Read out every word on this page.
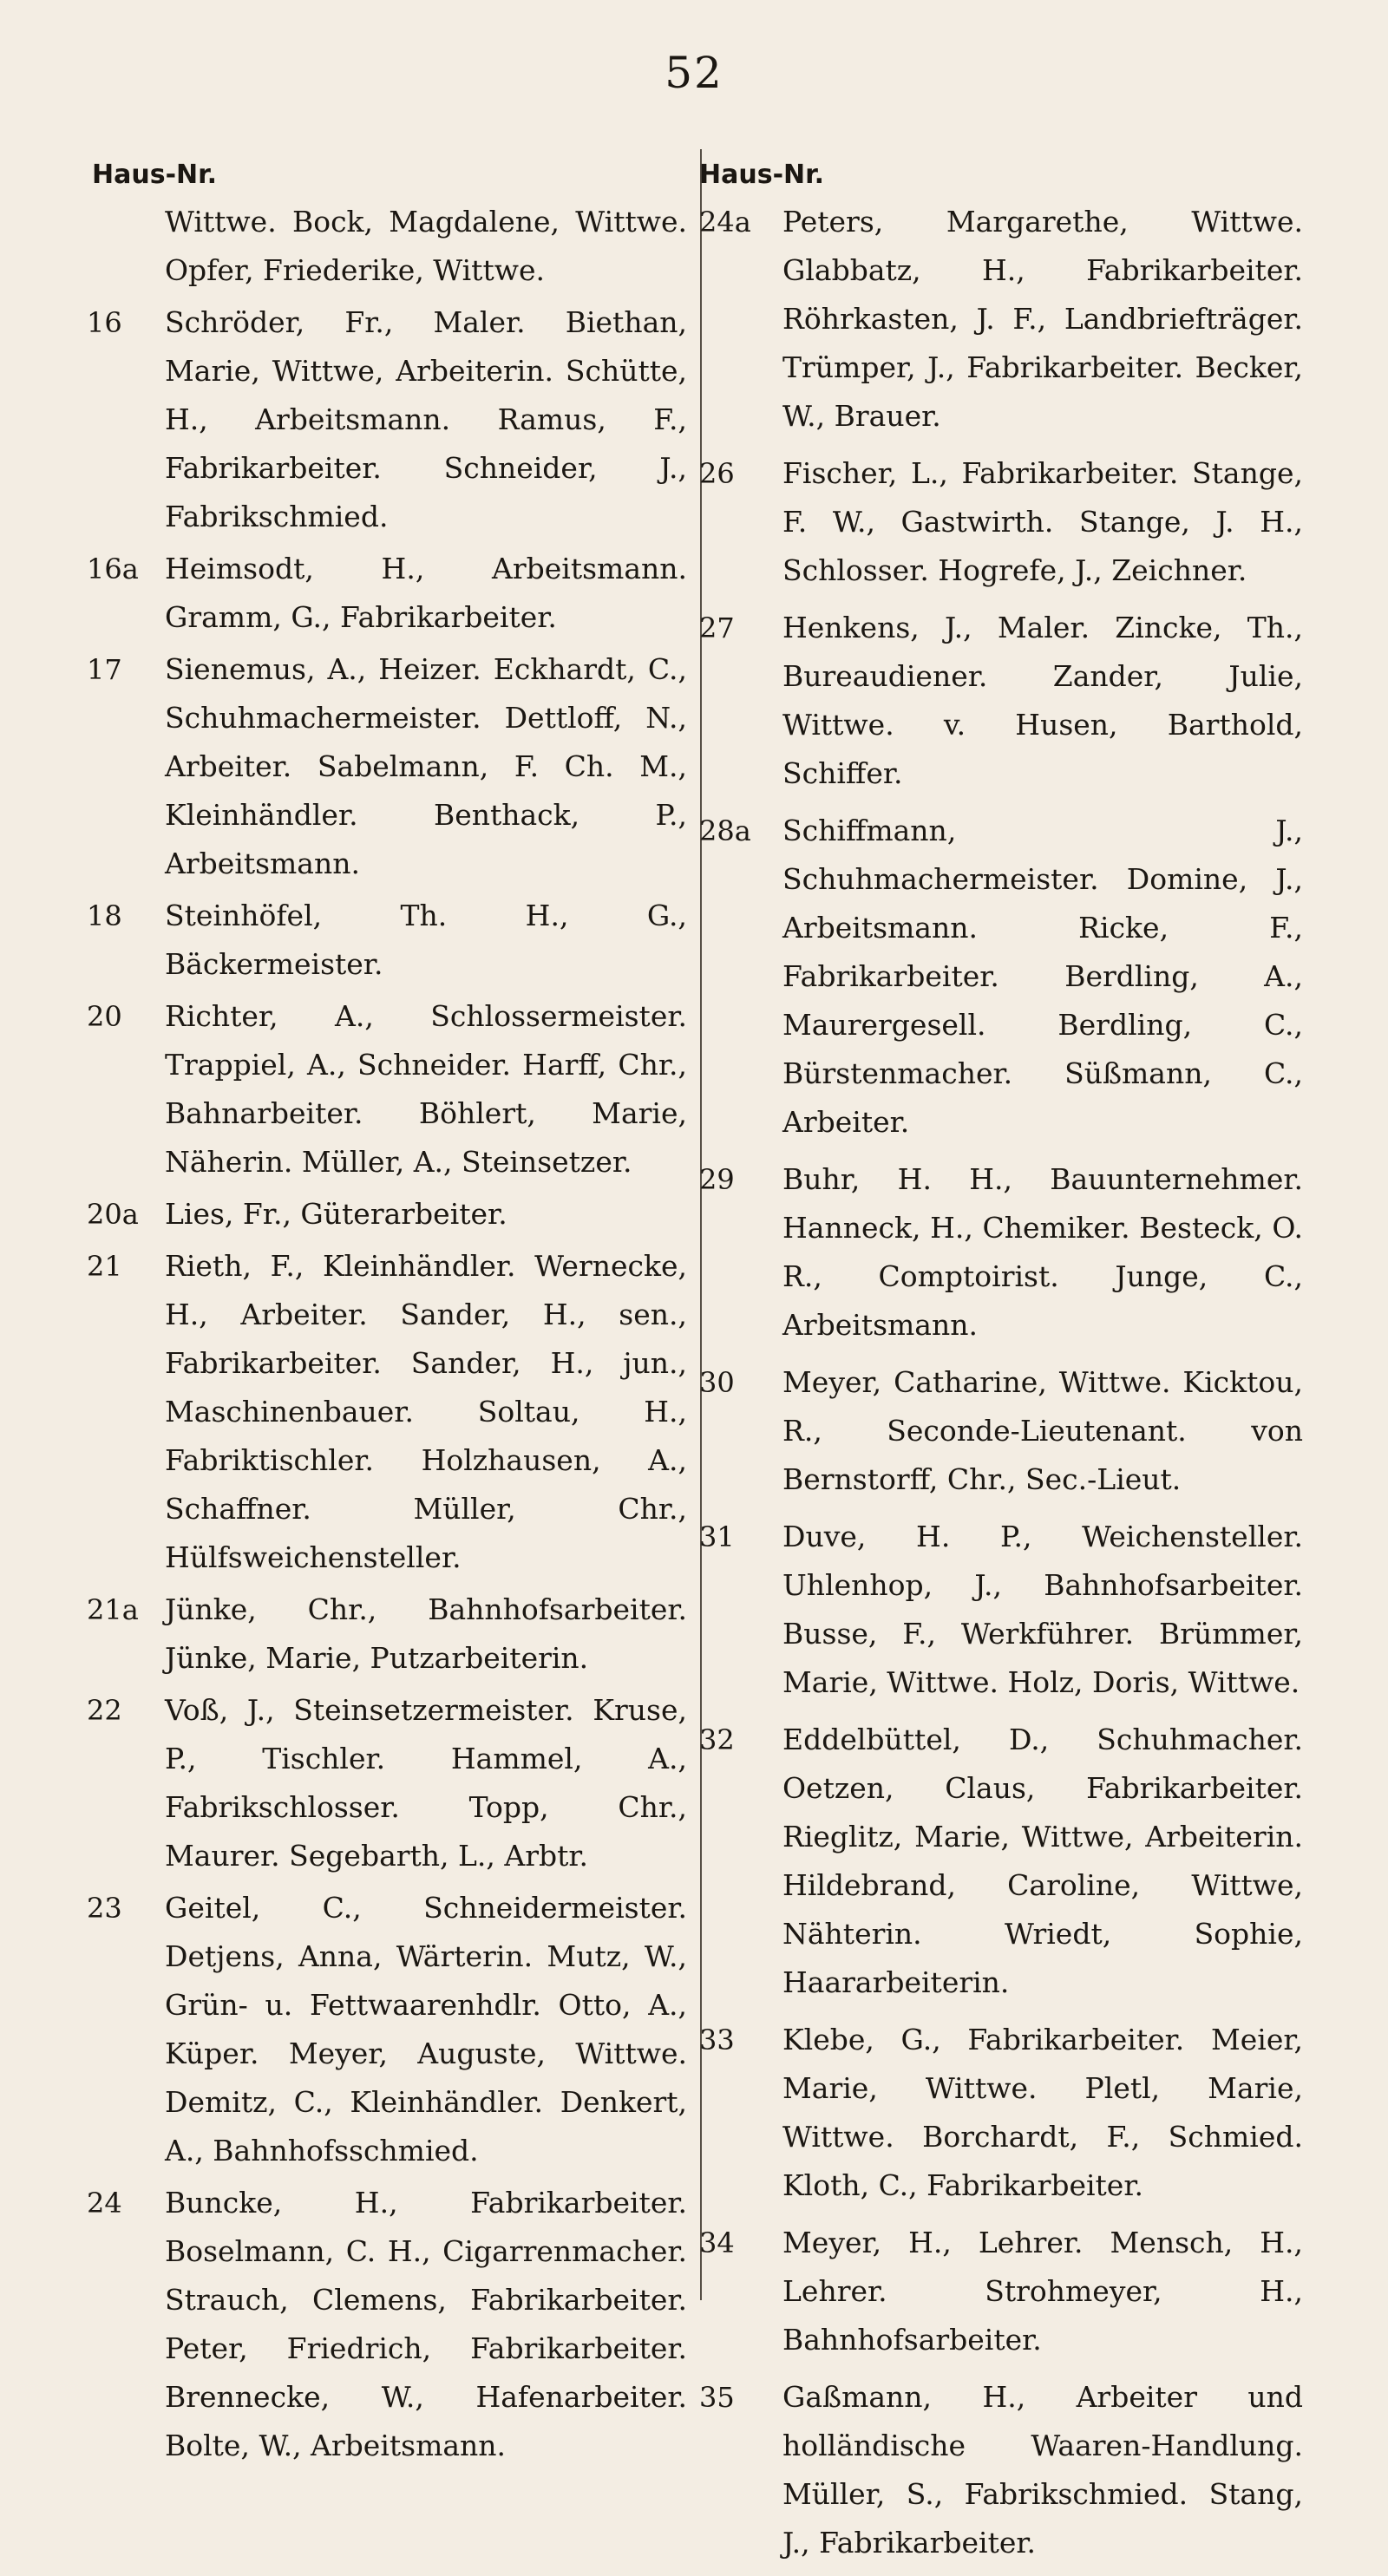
52
Haus-Nr.
Wittwe. Bock, Magdalene, Wittwe. Opfer, Friederike, Wittwe.
16	Schröder, Fr., Maler. Biethan, Marie, Wittwe, Arbeiterin. Schütte, H., Arbeitsmann. Ramus, F., Fabrikarbeiter. Schneider, J., Fabrikschmied.
16a Heimsodt, H., Arbeitsmann. Gramm, G., Fabrikarbeiter.
17	Sienemus, A., Heizer. Eckhardt, C., Schuhmachermeister. Dettloff, N., Arbeiter. Sabelmann, F. Ch. M., Kleinhändler. Benthack, P., Arbeitsmann.
18	Steinhöfel, Th. H., G., Bäckermeister.
20	Richter, A., Schlossermeister. Trappiel, A., Schneider. Harff, Chr., Bahnarbeiter. Böhlert, Marie, Näherin. Müller, A., Steinsetzer.
20a Lies, Fr., Güterarbeiter.
21	Rieth, F., Kleinhändler. Wernecke, H., Arbeiter. Sander, H., sen., Fabrikarbeiter. Sander, H., jun., Maschinenbauer. Soltau, H., Fabriktischler. Holzhausen, A., Schaffner. Müller, Chr., Hülfsweichensteller.
21a Jünke, Chr., Bahnhofsarbeiter. Jünke, Marie, Putzarbeiterin.
22	Voß, J., Steinsetzermeister. Kruse, P., Tischler. Hammel, A., Fabrikschlosser. Topp, Chr., Maurer. Segebarth, L., Arbtr.
23	Geitel, C., Schneidermeister. Detjens, Anna, Wärterin. Mutz, W., Grün- u. Fettwaarenhdlr. Otto, A., Küper. Meyer, Auguste, Wittwe. Demitz, C., Kleinhändler. Denkert, A., Bahnhofsschmied.
24	Buncke, H., Fabrikarbeiter. Boselmann, C. H., Cigarrenmacher. Strauch, Clemens, Fabrikarbeiter. Peter, Friedrich, Fabrikarbeiter. Brennecke, W., Hafenarbeiter. Bolte, W., Arbeitsmann.
Haus-Nr.
24a	Peters, Margarethe, Wittwe. Glabbatz, H., Fabrikarbeiter. Röhrkasten, J. F., Landbriefträger. Trümper, J., Fabrikarbeiter. Becker, W., Brauer.
26	Fischer, L., Fabrikarbeiter. Stange, F. W., Gastwirth. Stange, J. H., Schlosser. Hogrefe, J., Zeichner.
27	Henkens, J., Maler. Zincke, Th., Bureaudiener. Zander, Julie, Wittwe. v. Husen, Barthold, Schiffer.
28a	Schiffmann, J., Schuhmachermeister. Domine, J., Arbeitsmann. Ricke, F., Fabrikarbeiter. Berdling, A., Maurergesell. Berdling, C., Bürstenmacher. Süßmann, C., Arbeiter.
29	Buhr, H. H., Bauunternehmer. Hanneck, H., Chemiker. Besteck, O. R., Comptoirist. Junge, C., Arbeitsmann.
30	Meyer, Catharine, Wittwe. Kicktou, R., Seconde-Lieutenant. von Bernstorff, Chr., Sec.-Lieut.
31	Duve, H. P., Weichensteller. Uhlenhop, J., Bahnhofsarbeiter. Busse, F., Werkführer. Brümmer, Marie, Wittwe. Holz, Doris, Wittwe.
32	Eddelbüttel, D., Schuhmacher. Oetzen, Claus, Fabrikarbeiter. Rieglitz, Marie, Wittwe, Arbeiterin. Hildebrand, Caroline, Wittwe, Nähterin. Wriedt, Sophie, Haararbeiterin.
33	Klebe, G., Fabrikarbeiter. Meier, Marie, Wittwe. Pletl, Marie, Wittwe. Borchardt, F., Schmied. Kloth, C., Fabrikarbeiter.
34	Meyer, H., Lehrer. Mensch, H., Lehrer. Strohmeyer, H., Bahnhofsarbeiter.
35	Gaßmann, H., Arbeiter und holländische Waaren-Handlung. Müller, S., Fabrikschmied. Stang, J., Fabrikarbeiter.
